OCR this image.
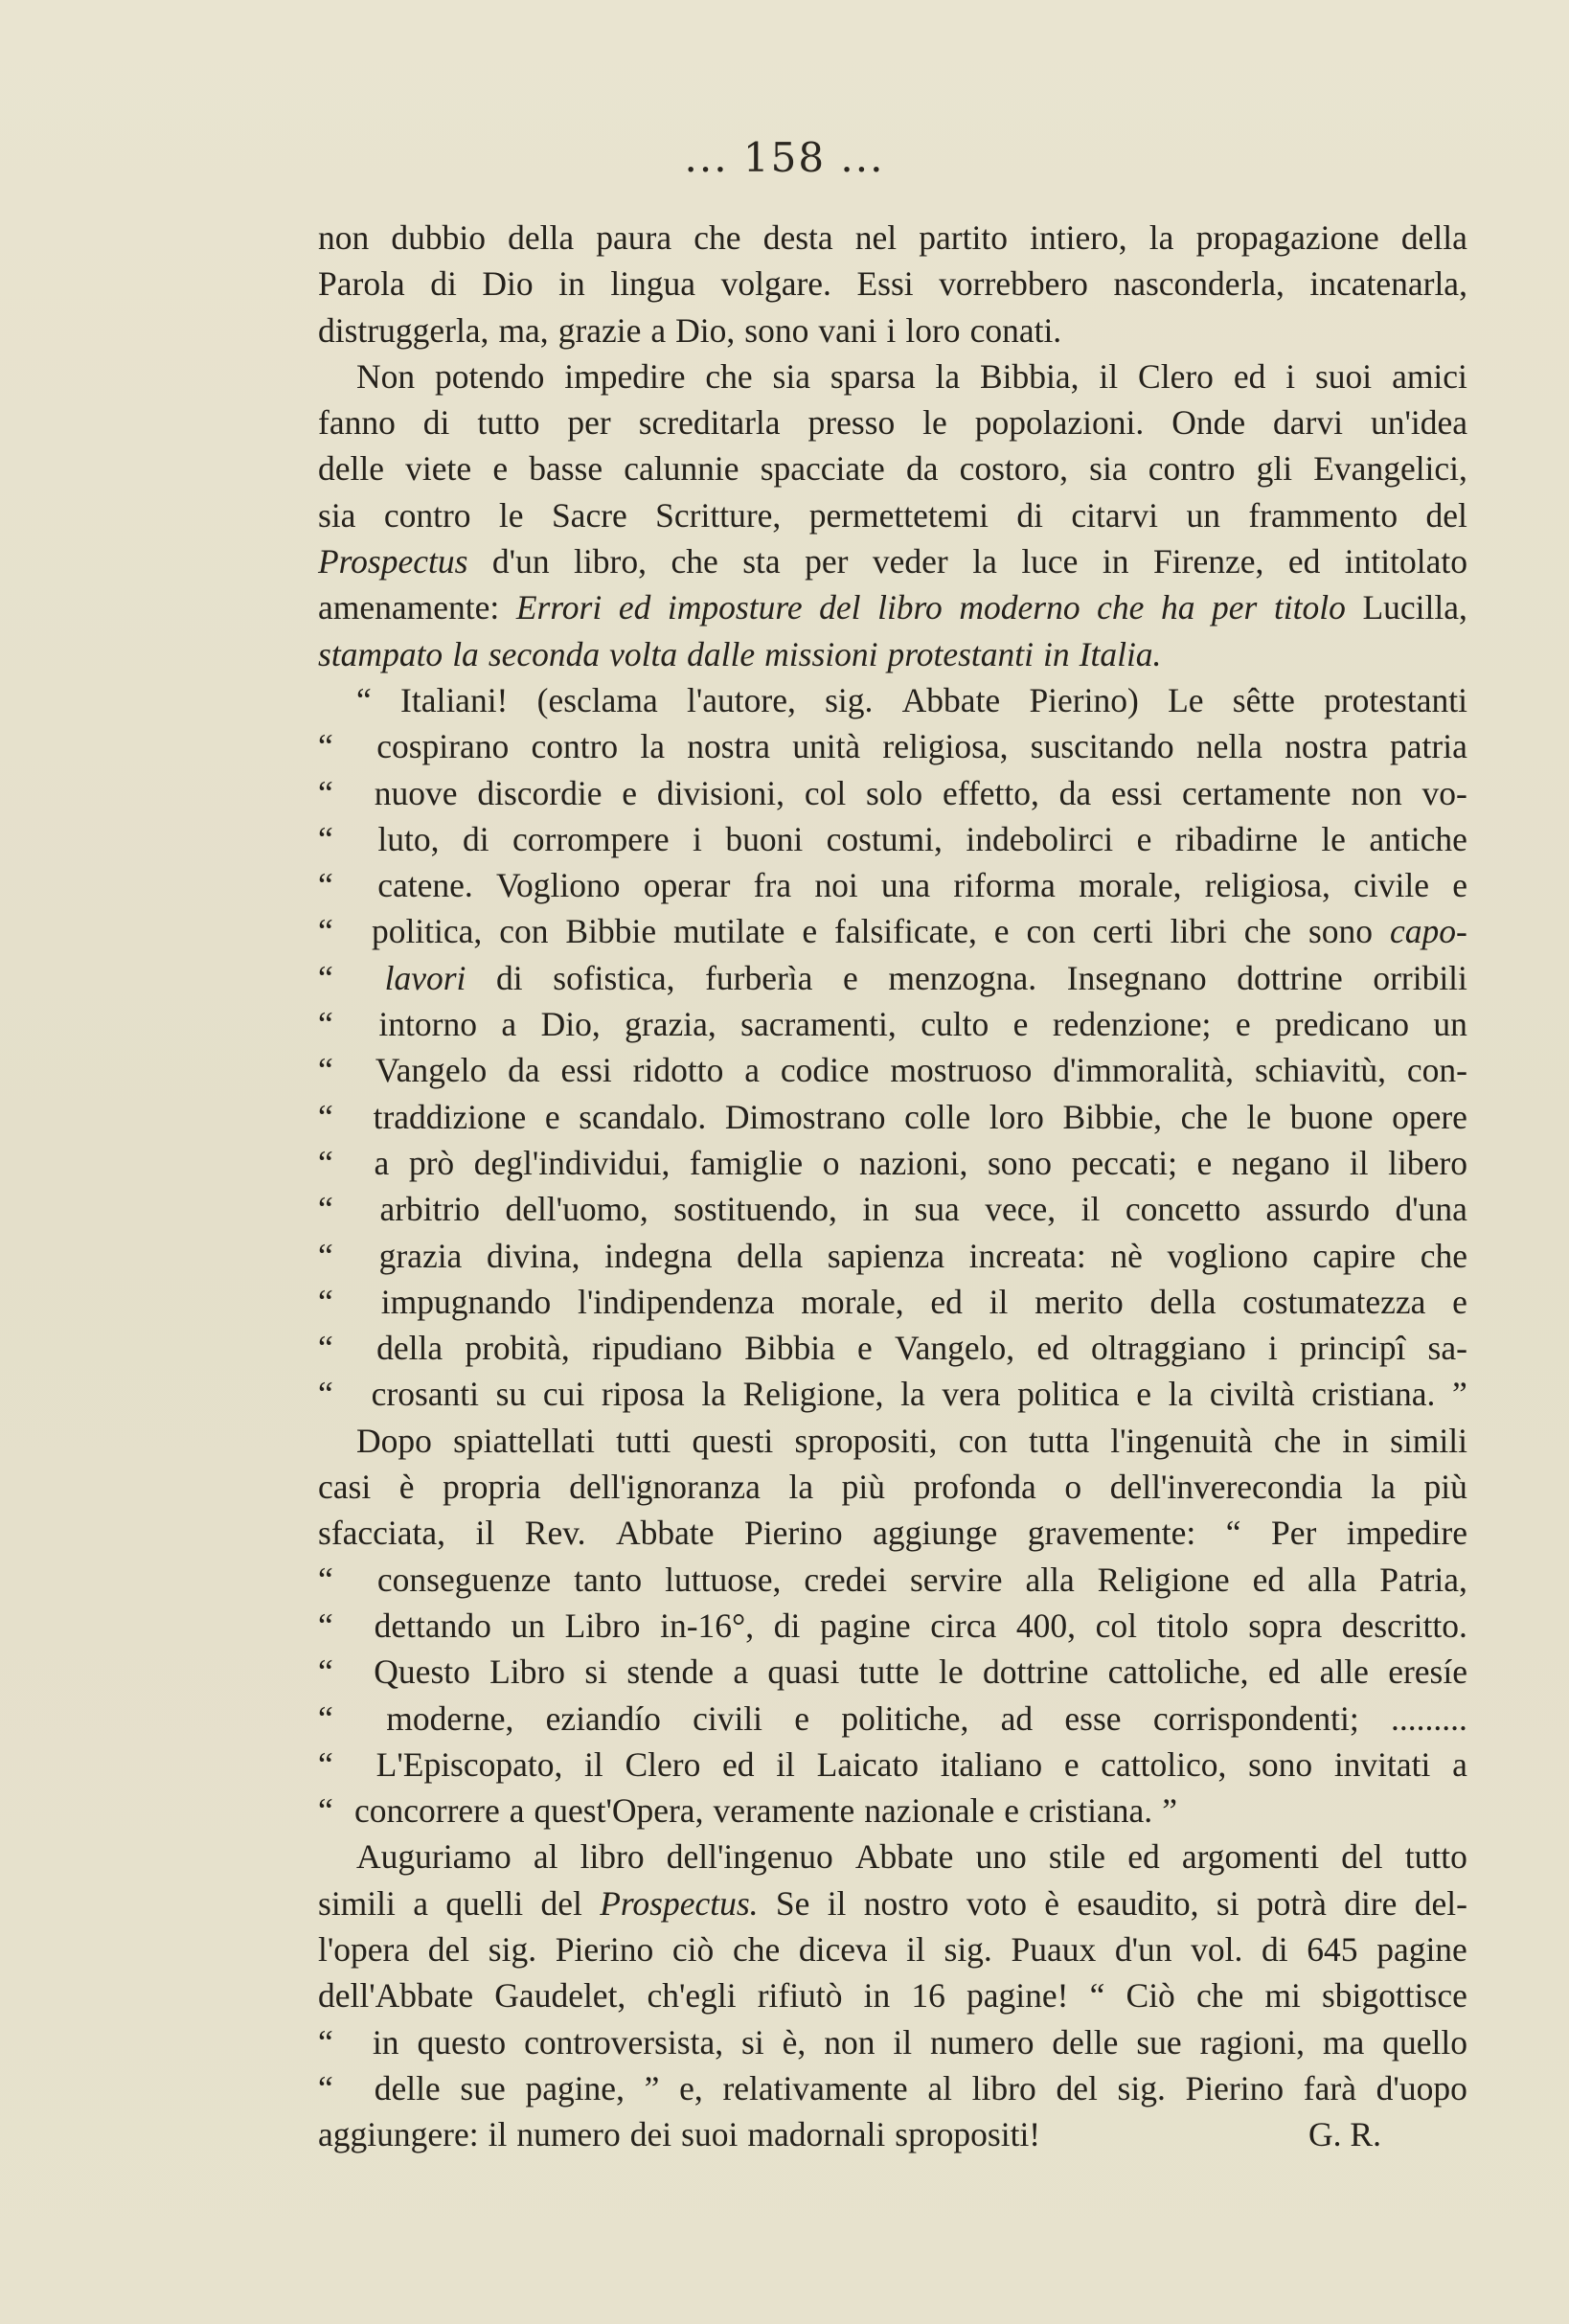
... 158 ...
non dubbio della paura che desta nel partito intiero, la propagazione della
Parola di Dio in lingua volgare. Essi vorrebbero nasconderla, incatenarla,
distruggerla, ma, grazie a Dio, sono vani i loro conati.
Non potendo impedire che sia sparsa la Bibbia, il Clero ed i suoi amici
fanno di tutto per screditarla presso le popolazioni. Onde darvi un'idea
delle viete e basse calunnie spacciate da costoro, sia contro gli Evangelici,
sia contro le Sacre Scritture, permettetemi di citarvi un frammento del
Prospectus d'un libro, che sta per veder la luce in Firenze, ed intitolato
amenamente: Errori ed imposture del libro moderno che ha per titolo Lucilla,
stampato la seconda volta dalle missioni protestanti in Italia.
“ Italiani! (esclama l'autore, sig. Abbate Pierino) Le sêtte protestanti
“	cospirano contro la nostra unità religiosa, suscitando nella nostra patria
“	nuove discordie e divisioni, col solo effetto, da essi certamente non vo-
“	luto, di corrompere i buoni costumi, indebolirci e ribadirne le antiche
“	catene. Vogliono operar fra noi una riforma morale, religiosa, civile e
“	politica, con Bibbie mutilate e falsificate, e con certi libri che sono capo-
“	lavori di sofistica, furberìa e menzogna. Insegnano dottrine orribili
“	intorno a Dio, grazia, sacramenti, culto e redenzione; e predicano un
“	Vangelo da essi ridotto a codice mostruoso d'immoralità, schiavitù, con-
“	traddizione e scandalo. Dimostrano colle loro Bibbie, che le buone opere
“	a prò degl'individui, famiglie o nazioni, sono peccati; e negano il libero
“	arbitrio dell'uomo, sostituendo, in sua vece, il concetto assurdo d'una
“	grazia divina, indegna della sapienza increata: nè vogliono capire che
“	impugnando l'indipendenza morale, ed il merito della costumatezza e
“	della probità, ripudiano Bibbia e Vangelo, ed oltraggiano i principî sa-
“	crosanti su cui riposa la Religione, la vera politica e la civiltà cristiana. ”
Dopo spiattellati tutti questi spropositi, con tutta l'ingenuità che in simili
casi è propria dell'ignoranza la più profonda o dell'inverecondia la più
sfacciata, il Rev. Abbate Pierino aggiunge gravemente: “ Per impedire
“	conseguenze tanto luttuose, credei servire alla Religione ed alla Patria,
“	dettando un Libro in-16°, di pagine circa 400, col titolo sopra descritto.
“	Questo Libro si stende a quasi tutte le dottrine cattoliche, ed alle eresíe
“	moderne, eziandío civili e politiche, ad esse corrispondenti; .........
“	L'Episcopato, il Clero ed il Laicato italiano e cattolico, sono invitati a
“ concorrere a quest'Opera, veramente nazionale e cristiana. ”
Auguriamo al libro dell'ingenuo Abbate uno stile ed argomenti del tutto
simili a quelli del Prospectus. Se il nostro voto è esaudito, si potrà dire del-
l'opera del sig. Pierino ciò che diceva il sig. Puaux d'un vol. di 645 pagine
dell'Abbate Gaudelet, ch'egli rifiutò in 16 pagine! “ Ciò che mi sbigottisce
“	in questo controversista, si è, non il numero delle sue ragioni, ma quello
“	delle sue pagine, ” e, relativamente al libro del sig. Pierino farà d'uopo
aggiungere: il numero dei suoi madornali spropositi!	G. R.
